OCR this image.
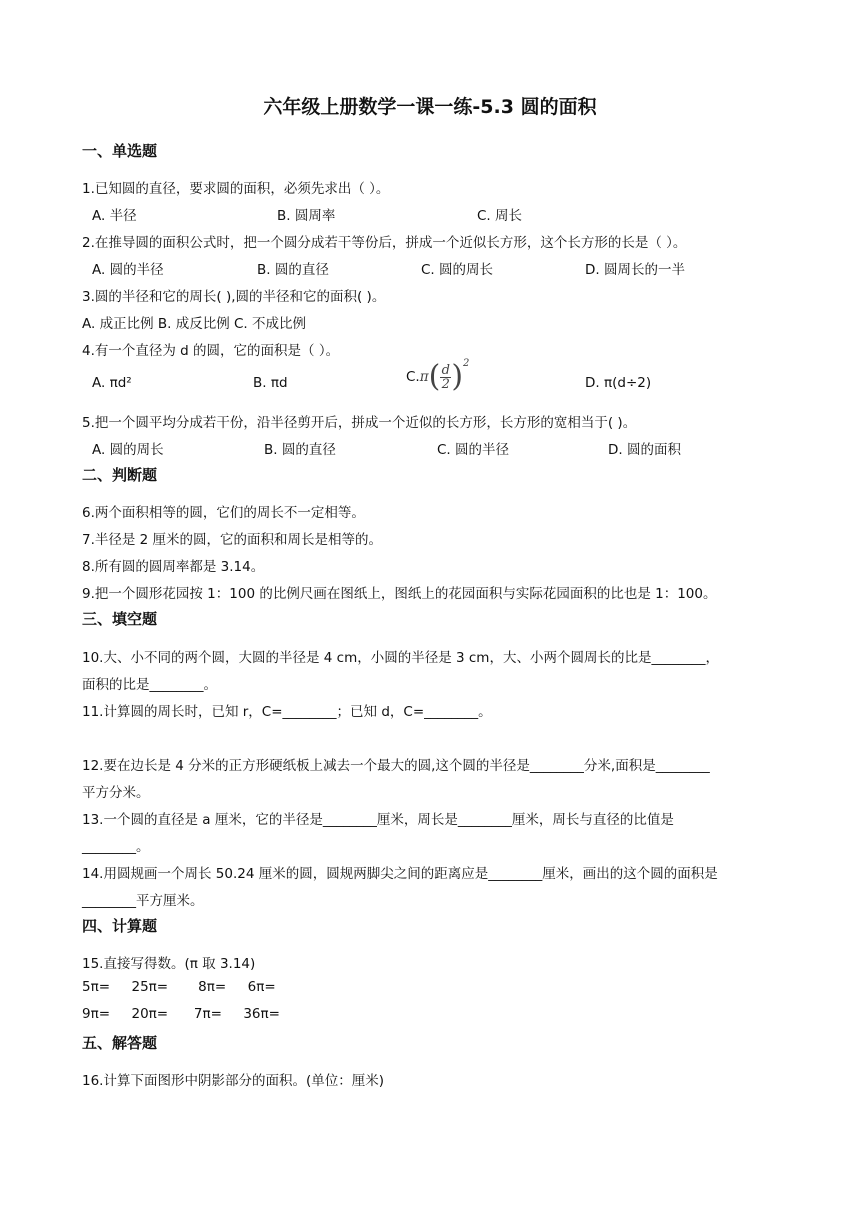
六年级上册数学一课一练-5.3 圆的面积
一、单选题
1.已知圆的直径，要求圆的面积，必须先求出（ ）。
A. 半径	B. 圆周率	C. 周长
2.在推导圆的面积公式时，把一个圆分成若干等份后，拼成一个近似长方形，这个长方形的长是（ ）。
A. 圆的半径	B. 圆的直径	C. 圆的周长	D. 圆周长的一半
3.圆的半径和它的周长( ),圆的半径和它的面积( )。
A. 成正比例 B. 成反比例 C. 不成比例
4.有一个直径为 d 的圆，它的面积是（ ）。
A. πd²	B. πd	C. π ( d
2 )$^2$
D. π(d÷2)
5.把一个圆平均分成若干份，沿半径剪开后，拼成一个近似的长方形，长方形的宽相当于( )。
A. 圆的周长	B. 圆的直径	C. 圆的半径	D. 圆的面积
二、判断题
6.两个面积相等的圆，它们的周长不一定相等。
7.半径是 2 厘米的圆，它的面积和周长是相等的。
8.所有圆的圆周率都是 3.14。
9.把一个圆形花园按 1：100 的比例尺画在图纸上，图纸上的花园面积与实际花园面积的比也是 1：100。
三、填空题
10.大、小不同的两个圆，大圆的半径是 4 cm，小圆的半径是 3 cm，大、小两个圆周长的比是________，
面积的比是________。
11.计算圆的周长时，已知 r，C=________；已知 d，C=________。
12.要在边长是 4 分米的正方形硬纸板上减去一个最大的圆,这个圆的半径是________分米,面积是________
平方分米。
13.一个圆的直径是 a 厘米，它的半径是________厘米，周长是________厘米，周长与直径的比值是
________。
14.用圆规画一个周长 50.24 厘米的圆，圆规两脚尖之间的距离应是________厘米，画出的这个圆的面积是
________平方厘米。
四、计算题
15.直接写得数。(π 取 3.14)
5π=     25π=       8π=     6π=
9π=     20π=      7π=     36π=
五、解答题
16.计算下面图形中阴影部分的面积。(单位：厘米)
